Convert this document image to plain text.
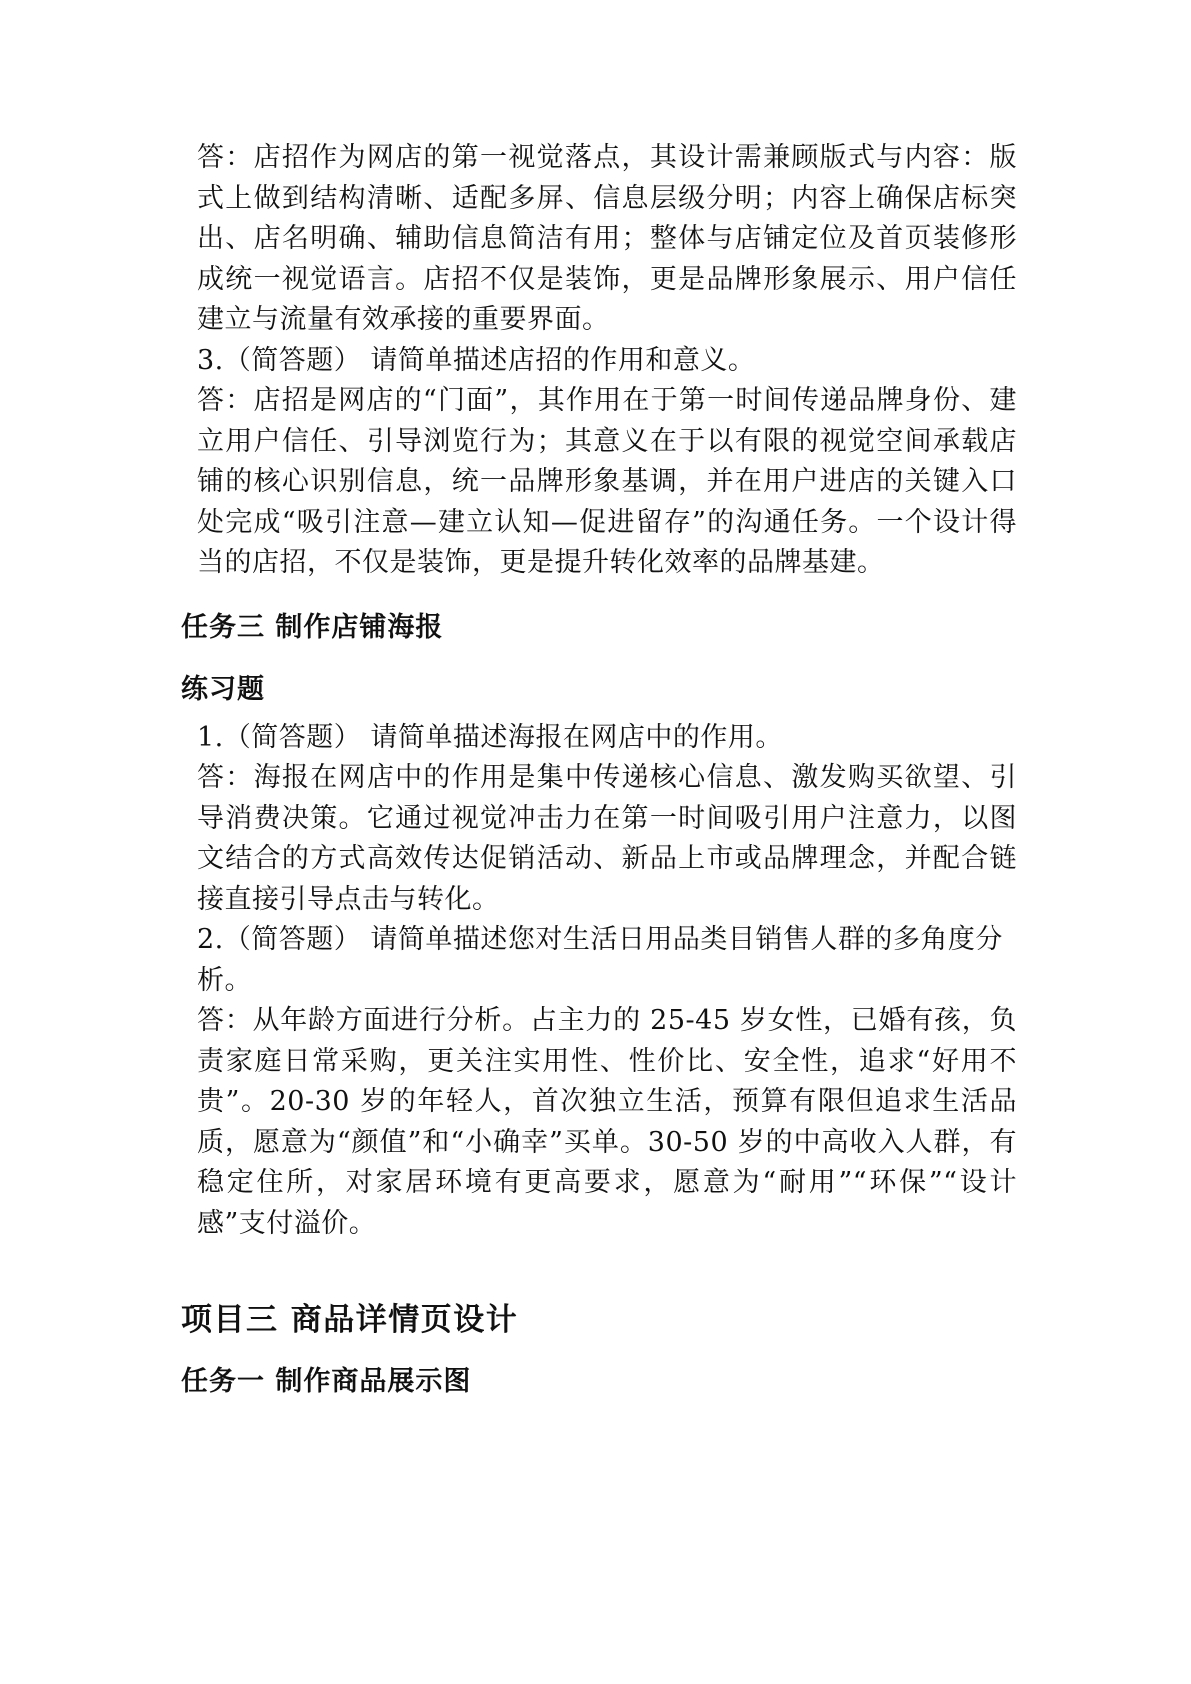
答：店招作为网店的第一视觉落点，其设计需兼顾版式与内容：版式上做到结构清晰、适配多屏、信息层级分明；内容上确保店标突出、店名明确、辅助信息简洁有用；整体与店铺定位及首页装修形成统一视觉语言。店招不仅是装饰，更是品牌形象展示、用户信任建立与流量有效承接的重要界面。

3.（简答题） 请简单描述店招的作用和意义。

答：店招是网店的“门面”，其作用在于第一时间传递品牌身份、建立用户信任、引导浏览行为；其意义在于以有限的视觉空间承载店铺的核心识别信息，统一品牌形象基调，并在用户进店的关键入口处完成“吸引注意—建立认知—促进留存”的沟通任务。一个设计得当的店招，不仅是装饰，更是提升转化效率的品牌基建。

任务三 制作店铺海报
练习题

1.（简答题） 请简单描述海报在网店中的作用。

答：海报在网店中的作用是集中传递核心信息、激发购买欲望、引导消费决策。它通过视觉冲击力在第一时间吸引用户注意力，以图文结合的方式高效传达促销活动、新品上市或品牌理念，并配合链接直接引导点击与转化。

2.（简答题） 请简单描述您对生活日用品类目销售人群的多角度分析。

答：从年龄方面进行分析。占主力的 25-45 岁女性，已婚有孩，负责家庭日常采购，更关注实用性、性价比、安全性，追求“好用不贵”。20-30 岁的年轻人，首次独立生活，预算有限但追求生活品质，愿意为“颜值”和“小确幸”买单。30-50 岁的中高收入人群，有稳定住所，对家居环境有更高要求，愿意为“耐用”“环保”“设计感”支付溢价。

项目三 商品详情页设计
任务一 制作商品展示图
